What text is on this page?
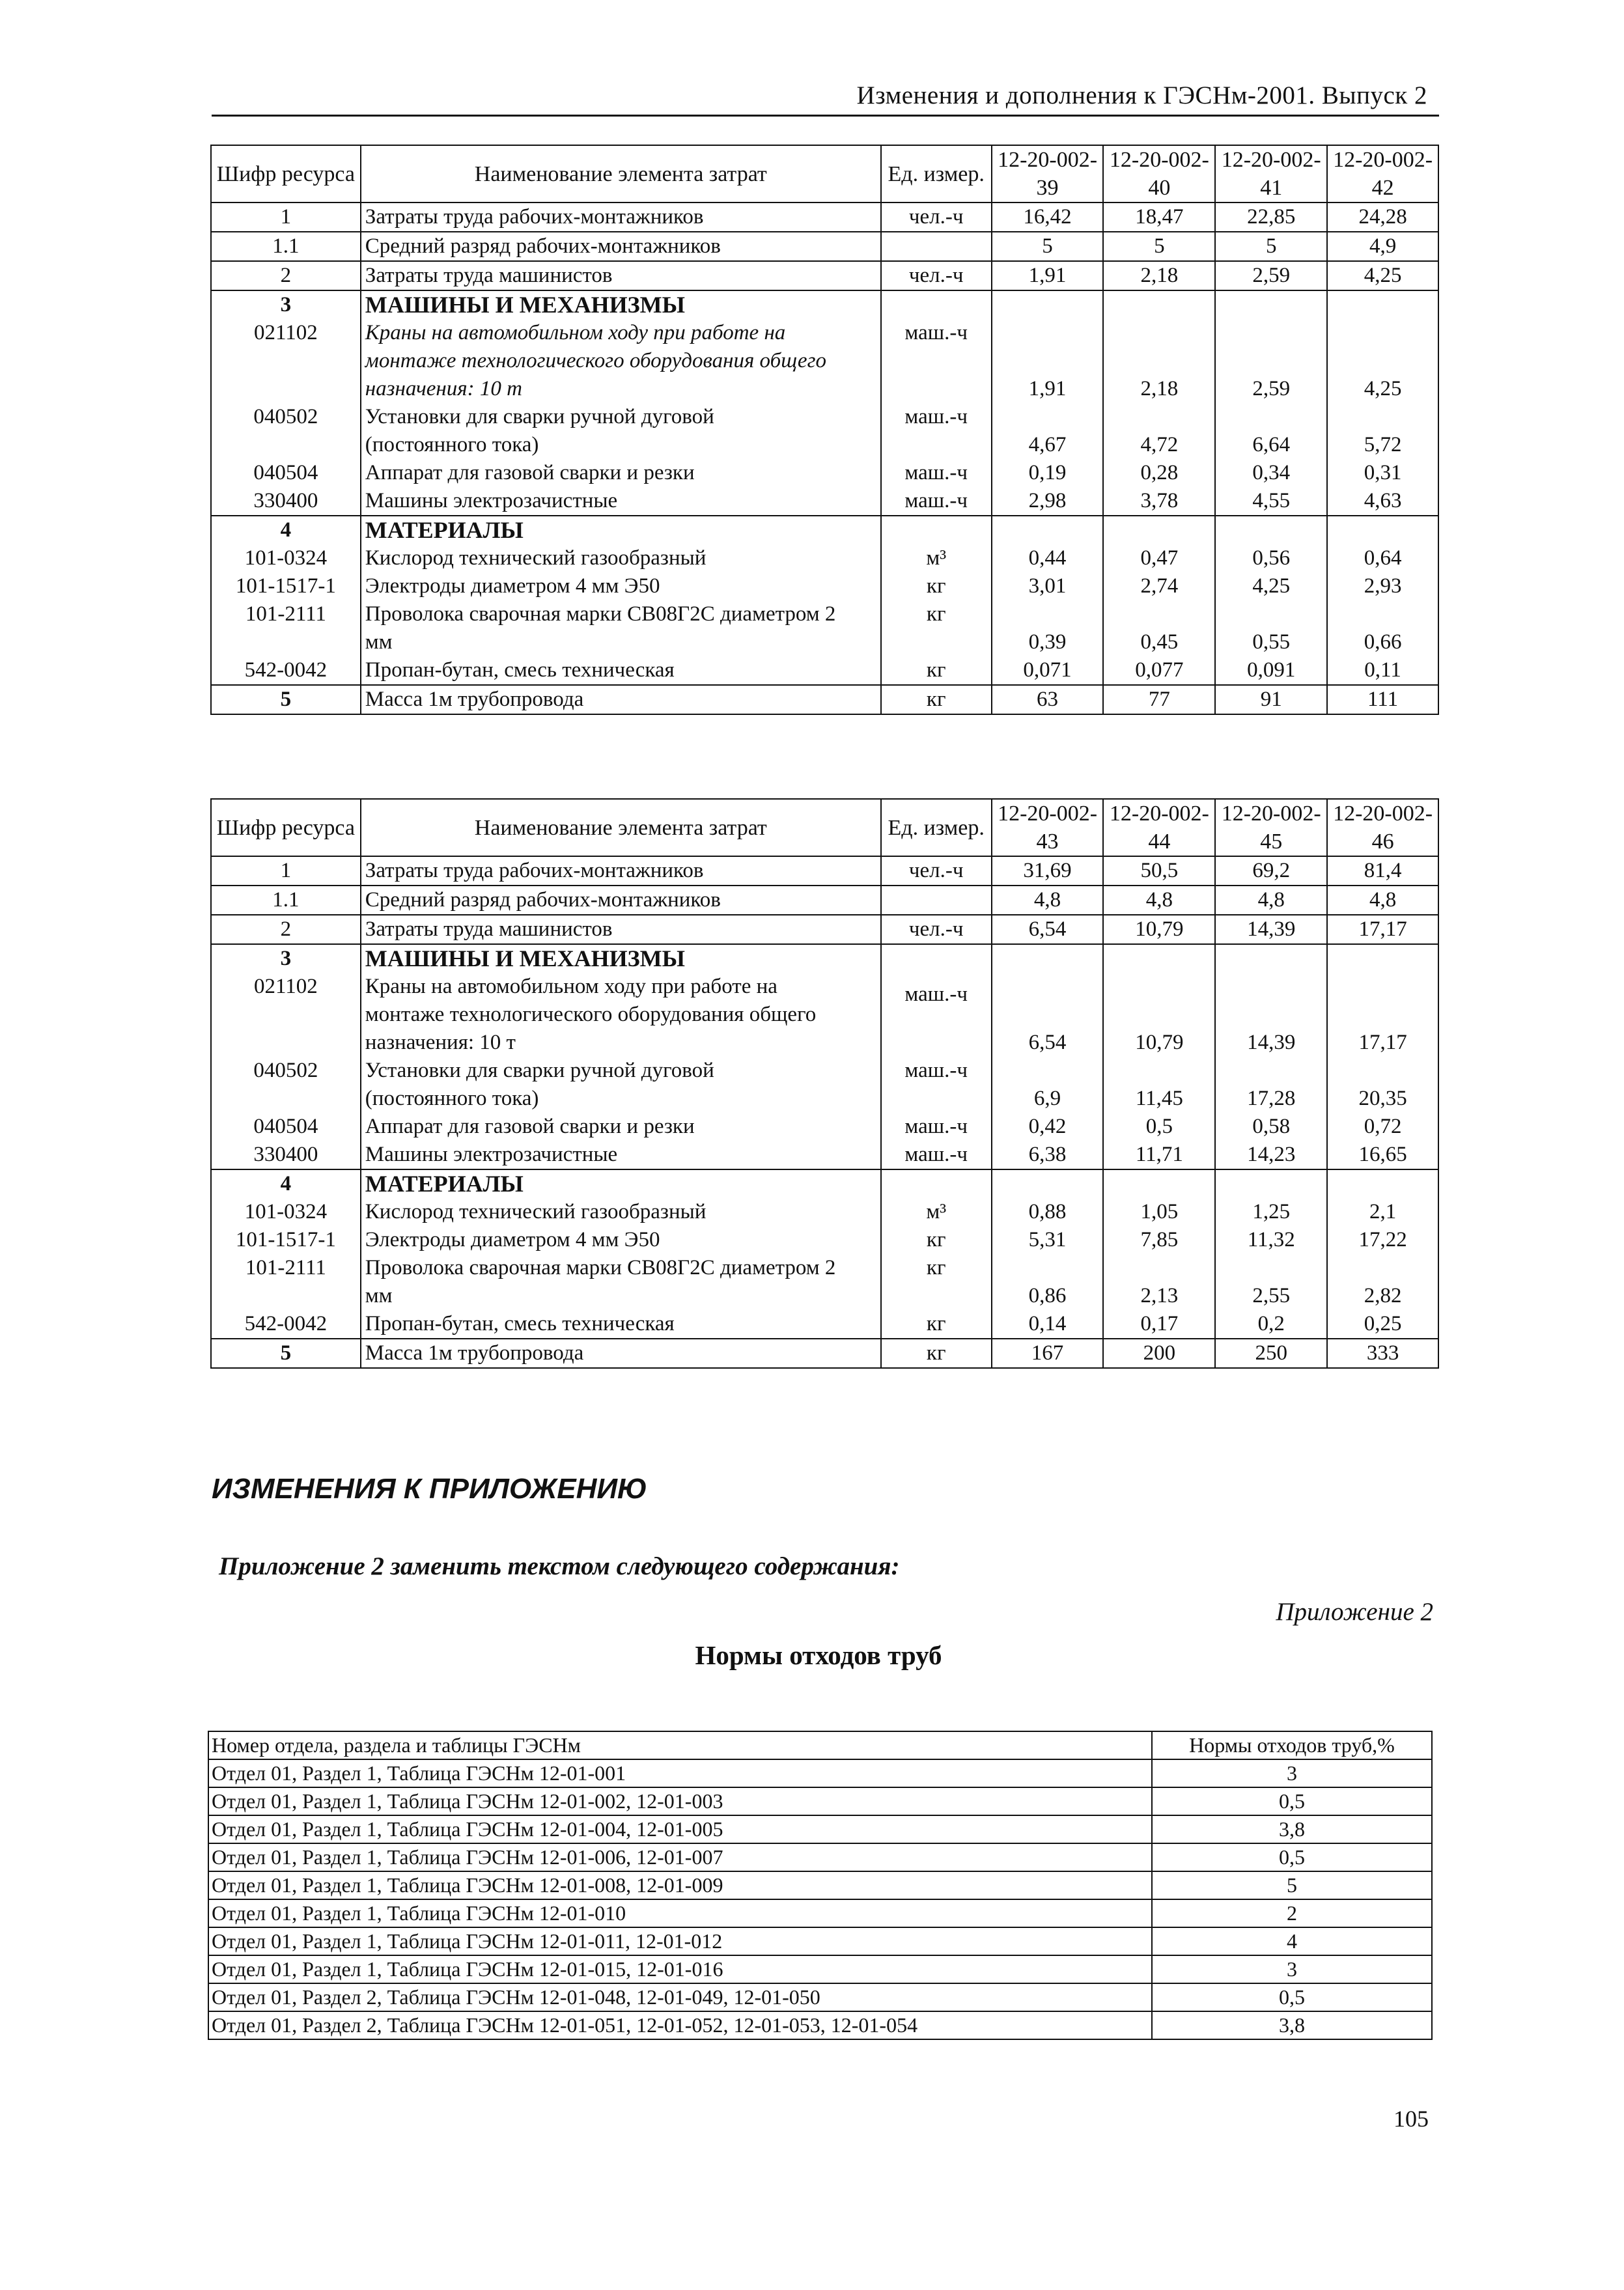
Изменения и дополнения к ГЭСНм-2001. Выпуск 2
Шифр ресурса	Наименование элемента затрат	Ед. измер.	12-20-002-39	12-20-002-40	12-20-002-41	12-20-002-42
1	Затраты труда рабочих-монтажников	чел.-ч	16,42	18,47	22,85	24,28
1.1	Средний разряд рабочих-монтажников		5	5	5	4,9
2	Затраты труда машинистов	чел.-ч	1,91	2,18	2,59	4,25
3	МАШИНЫ И МЕХАНИЗМЫ					
021102	Краны на автомобильном ходу при работе на
монтаже технологического оборудования общего
назначения: 10 т	маш.-ч	1,91	2,18	2,59	4,25
040502	Установки для сварки ручной дуговой
(постоянного тока)	маш.-ч	4,67	4,72	6,64	5,72
040504	Аппарат для газовой сварки и резки	маш.-ч	0,19	0,28	0,34	0,31
330400	Машины электрозачистные	маш.-ч	2,98	3,78	4,55	4,63
4	МАТЕРИАЛЫ					
101-0324	Кислород технический газообразный	м³	0,44	0,47	0,56	0,64
101-1517-1	Электроды диаметром 4 мм Э50	кг	3,01	2,74	4,25	2,93
101-2111	Проволока сварочная марки СВ08Г2С диаметром 2
мм	кг	0,39	0,45	0,55	0,66
542-0042	Пропан-бутан, смесь техническая	кг	0,071	0,077	0,091	0,11
5	Масса 1м трубопровода	кг	63	77	91	111
Шифр ресурса	Наименование элемента затрат	Ед. измер.	12-20-002-43	12-20-002-44	12-20-002-45	12-20-002-46
1	Затраты труда рабочих-монтажников	чел.-ч	31,69	50,5	69,2	81,4
1.1	Средний разряд рабочих-монтажников		4,8	4,8	4,8	4,8
2	Затраты труда машинистов	чел.-ч	6,54	10,79	14,39	17,17
3	МАШИНЫ И МЕХАНИЗМЫ					
021102	Краны на автомобильном ходу при работе на
монтаже технологического оборудования общего
назначения: 10 т	маш.-ч	6,54	10,79	14,39	17,17
040502	Установки для сварки ручной дуговой
(постоянного тока)	маш.-ч	6,9	11,45	17,28	20,35
040504	Аппарат для газовой сварки и резки	маш.-ч	0,42	0,5	0,58	0,72
330400	Машины электрозачистные	маш.-ч	6,38	11,71	14,23	16,65
4	МАТЕРИАЛЫ					
101-0324	Кислород технический газообразный	м³	0,88	1,05	1,25	2,1
101-1517-1	Электроды диаметром 4 мм Э50	кг	5,31	7,85	11,32	17,22
101-2111	Проволока сварочная марки СВ08Г2С диаметром 2
мм	кг	0,86	2,13	2,55	2,82
542-0042	Пропан-бутан, смесь техническая	кг	0,14	0,17	0,2	0,25
5	Масса 1м трубопровода	кг	167	200	250	333
ИЗМЕНЕНИЯ К ПРИЛОЖЕНИЮ
Приложение 2 заменить текстом следующего содержания:
Приложение 2
Нормы отходов труб
Номер отдела, раздела и таблицы ГЭСНм	Нормы отходов труб,%
Отдел 01, Раздел 1, Таблица ГЭСНм 12-01-001	3
Отдел 01, Раздел 1, Таблица ГЭСНм 12-01-002, 12-01-003	0,5
Отдел 01, Раздел 1, Таблица ГЭСНм 12-01-004, 12-01-005	3,8
Отдел 01, Раздел 1, Таблица ГЭСНм 12-01-006, 12-01-007	0,5
Отдел 01, Раздел 1, Таблица ГЭСНм 12-01-008, 12-01-009	5
Отдел 01, Раздел 1, Таблица ГЭСНм 12-01-010	2
Отдел 01, Раздел 1, Таблица ГЭСНм 12-01-011, 12-01-012	4
Отдел 01, Раздел 1, Таблица ГЭСНм 12-01-015, 12-01-016	3
Отдел 01, Раздел 2, Таблица ГЭСНм 12-01-048, 12-01-049, 12-01-050	0,5
Отдел 01, Раздел 2, Таблица ГЭСНм 12-01-051, 12-01-052, 12-01-053, 12-01-054	3,8
105
